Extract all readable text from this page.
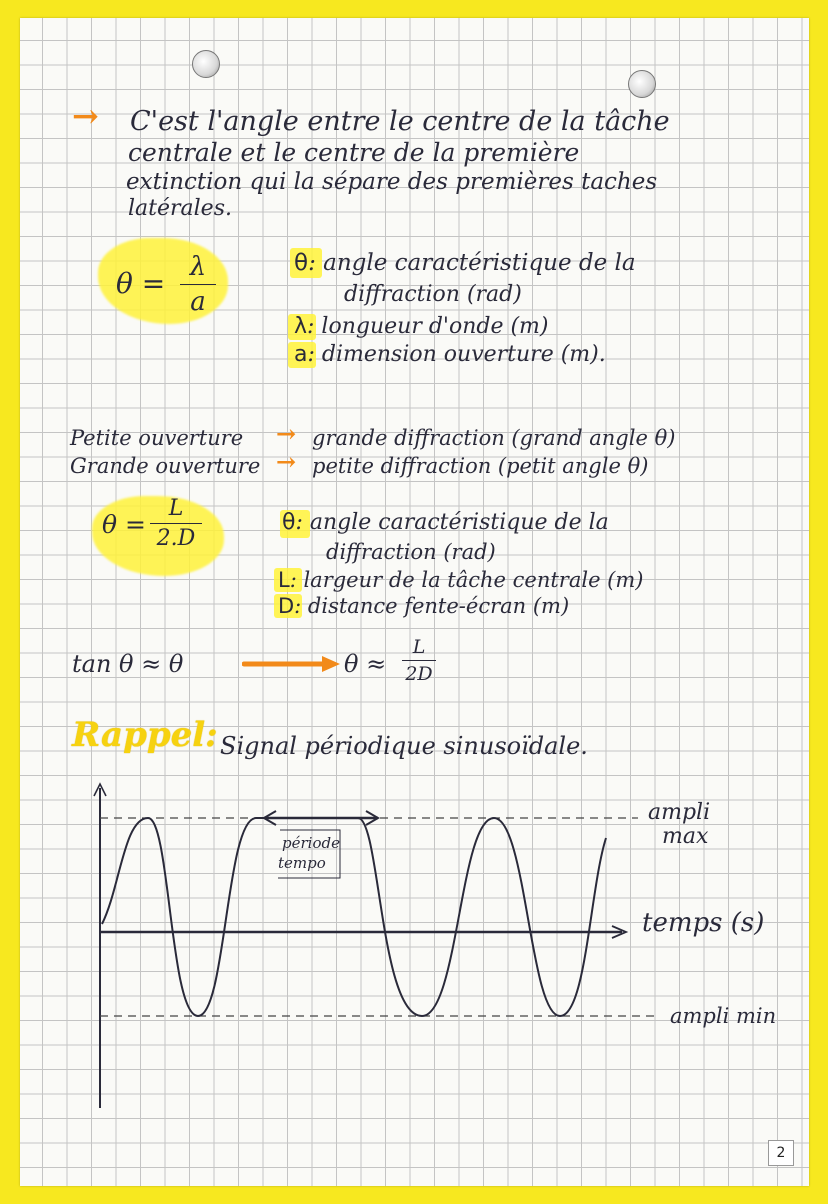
→ C'est l'angle entre le centre de la tâche
centrale et le centre de la première
extinction qui la sépare des premières taches
latérales.
θ = λ
a
θ: angle caractéristique de la
diffraction (rad)
λ: longueur d'onde (m)
a: dimension ouverture (m).
Petite ouverture → grande diffraction (grand angle θ)
Grande ouverture → petite diffraction (petit angle θ)
θ =
L
2.D
θ: angle caractéristique de la
diffraction (rad)
L: largeur de la tâche centrale (m)
D: distance fente-écran (m)
tan θ ≈ θ	θ ≈
L
2D
Rappel: Signal périodique sinusoïdale.
période
tempo
ampli
max
temps (s)
ampli min
2
